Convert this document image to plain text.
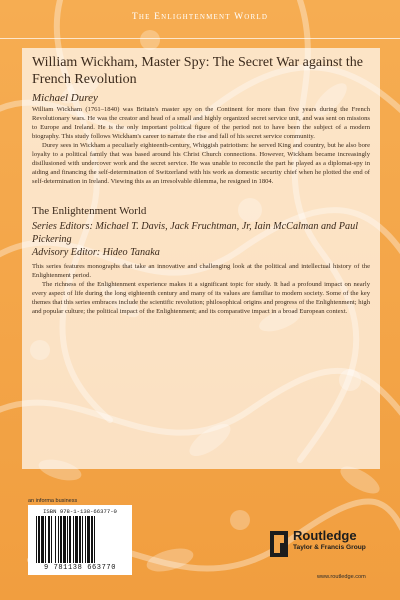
The Enlightenment World
William Wickham, Master Spy: The Secret War against the French Revolution

Michael Durey

William Wickham (1761–1840) was Britain's master spy on the Continent for more than five years during the French Revolutionary wars. He was the creator and head of a small and highly organized secret service unit, and was sent on missions to Europe and Ireland. He is the only important political figure of the period not to have been the subject of a modern biography. This study follows Wickham's career to narrate the rise and fall of his secret service community.

Durey sees in Wickham a peculiarly eighteenth-century, Whiggish patriotism: he served King and country, but he also bore loyalty to a political family that was based around his Christ Church connections. However, Wickham became increasingly disillusioned with undercover work and the secret service. He was unable to reconcile the part he played as a diplomat-spy in aiding and financing the self-determination of Switzerland with his work as domestic security chief when he plotted the end of self-determination in Ireland. Viewing this as an irresolvable dilemma, he resigned in 1804.

The Enlightenment World

Series Editors: Michael T. Davis, Jack Fruchtman, Jr, Iain McCalman and Paul Pickering

Advisory Editor: Hideo Tanaka

This series features monographs that take an innovative and challenging look at the political and intellectual history of the Enlightenment period.

The richness of the Enlightenment experience makes it a significant topic for study. It had a profound impact on nearly every aspect of life during the long eighteenth century and many of its values are familiar to modern society. Some of the key themes that this series embraces include the scientific revolution; philosophical origins and progress of the Enlightenment; high and popular culture; the political impact of the Enlightenment; and its comparative impact in a broad European context.

an informa business
ISBN 978-1-138-66377-0
9 781138 663770
Routledge
Taylor & Francis Group
www.routledge.com
